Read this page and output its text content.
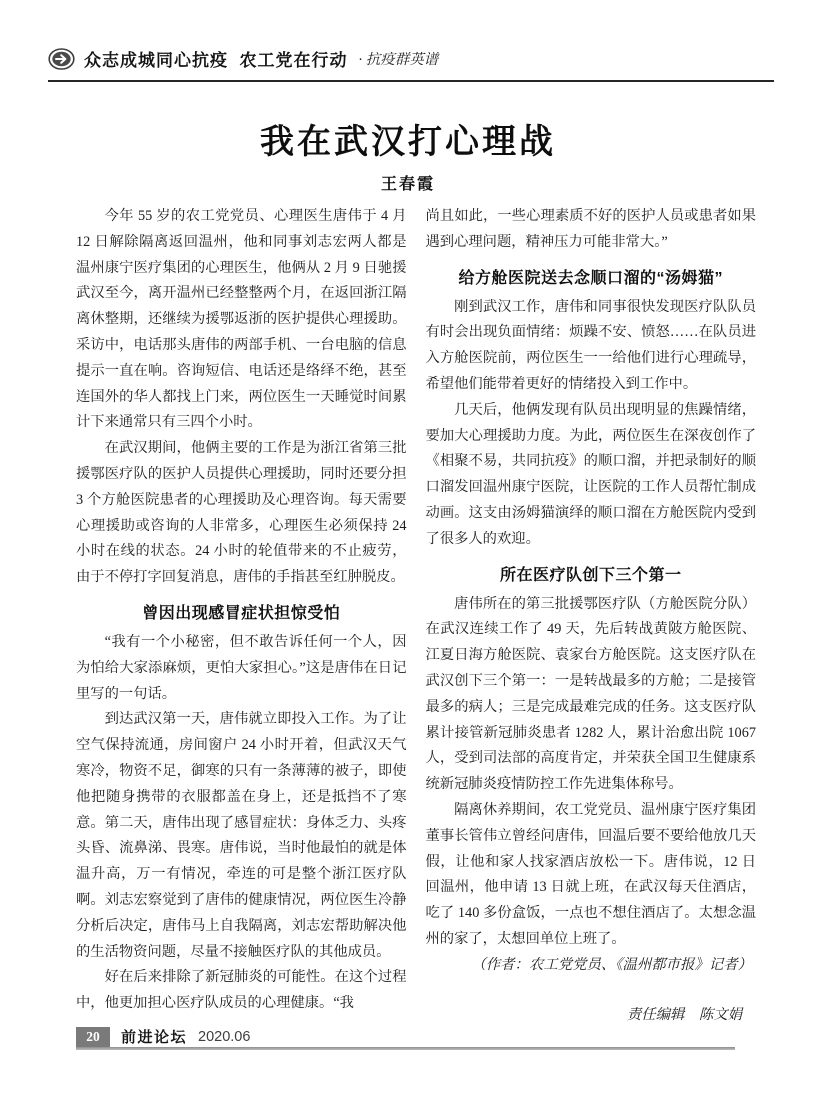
众志成城同心抗疫  农工党在行动 · 抗疫群英谱
我在武汉打心理战
王春霞

今年 55 岁的农工党党员、心理医生唐伟于 4 月 12 日解除隔离返回温州，他和同事刘志宏两人都是温州康宁医疗集团的心理医生，他俩从 2 月 9 日驰援武汉至今，离开温州已经整整两个月，在返回浙江隔离休整期，还继续为援鄂返浙的医护提供心理援助。采访中，电话那头唐伟的两部手机、一台电脑的信息提示一直在响。咨询短信、电话还是络绎不绝，甚至连国外的华人都找上门来，两位医生一天睡觉时间累计下来通常只有三四个小时。

在武汉期间，他俩主要的工作是为浙江省第三批援鄂医疗队的医护人员提供心理援助，同时还要分担 3 个方舱医院患者的心理援助及心理咨询。每天需要心理援助或咨询的人非常多，心理医生必须保持 24 小时在线的状态。24 小时的轮值带来的不止疲劳，由于不停打字回复消息，唐伟的手指甚至红肿脱皮。

曾因出现感冒症状担惊受怕

“我有一个小秘密，但不敢告诉任何一个人，因为怕给大家添麻烦，更怕大家担心。”这是唐伟在日记里写的一句话。

到达武汉第一天，唐伟就立即投入工作。为了让空气保持流通，房间窗户 24 小时开着，但武汉天气寒冷，物资不足，御寒的只有一条薄薄的被子，即使他把随身携带的衣服都盖在身上，还是抵挡不了寒意。第二天，唐伟出现了感冒症状：身体乏力、头疼头昏、流鼻涕、畏寒。唐伟说，当时他最怕的就是体温升高，万一有情况，牵连的可是整个浙江医疗队啊。刘志宏察觉到了唐伟的健康情况，两位医生冷静分析后决定，唐伟马上自我隔离，刘志宏帮助解决他的生活物资问题，尽量不接触医疗队的其他成员。

好在后来排除了新冠肺炎的可能性。在这个过程中，他更加担心医疗队成员的心理健康。“我

尚且如此，一些心理素质不好的医护人员或患者如果遇到心理问题，精神压力可能非常大。”

给方舱医院送去念顺口溜的“汤姆猫”

刚到武汉工作，唐伟和同事很快发现医疗队队员有时会出现负面情绪：烦躁不安、愤怒……在队员进入方舱医院前，两位医生一一给他们进行心理疏导，希望他们能带着更好的情绪投入到工作中。

几天后，他俩发现有队员出现明显的焦躁情绪，要加大心理援助力度。为此，两位医生在深夜创作了《相聚不易，共同抗疫》的顺口溜，并把录制好的顺口溜发回温州康宁医院，让医院的工作人员帮忙制成动画。这支由汤姆猫演绎的顺口溜在方舱医院内受到了很多人的欢迎。

所在医疗队创下三个第一

唐伟所在的第三批援鄂医疗队（方舱医院分队）在武汉连续工作了 49 天，先后转战黄陂方舱医院、江夏日海方舱医院、袁家台方舱医院。这支医疗队在武汉创下三个第一：一是转战最多的方舱；二是接管最多的病人；三是完成最难完成的任务。这支医疗队累计接管新冠肺炎患者 1282 人，累计治愈出院 1067 人，受到司法部的高度肯定，并荣获全国卫生健康系统新冠肺炎疫情防控工作先进集体称号。

隔离休养期间，农工党党员、温州康宁医疗集团董事长管伟立曾经问唐伟，回温后要不要给他放几天假，让他和家人找家酒店放松一下。唐伟说，12 日回温州，他申请 13 日就上班，在武汉每天住酒店，吃了 140 多份盒饭，一点也不想住酒店了。太想念温州的家了，太想回单位上班了。

（作者：农工党党员、《温州都市报》记者）

责任编辑　陈文娟

20	前进论坛 2020.06
